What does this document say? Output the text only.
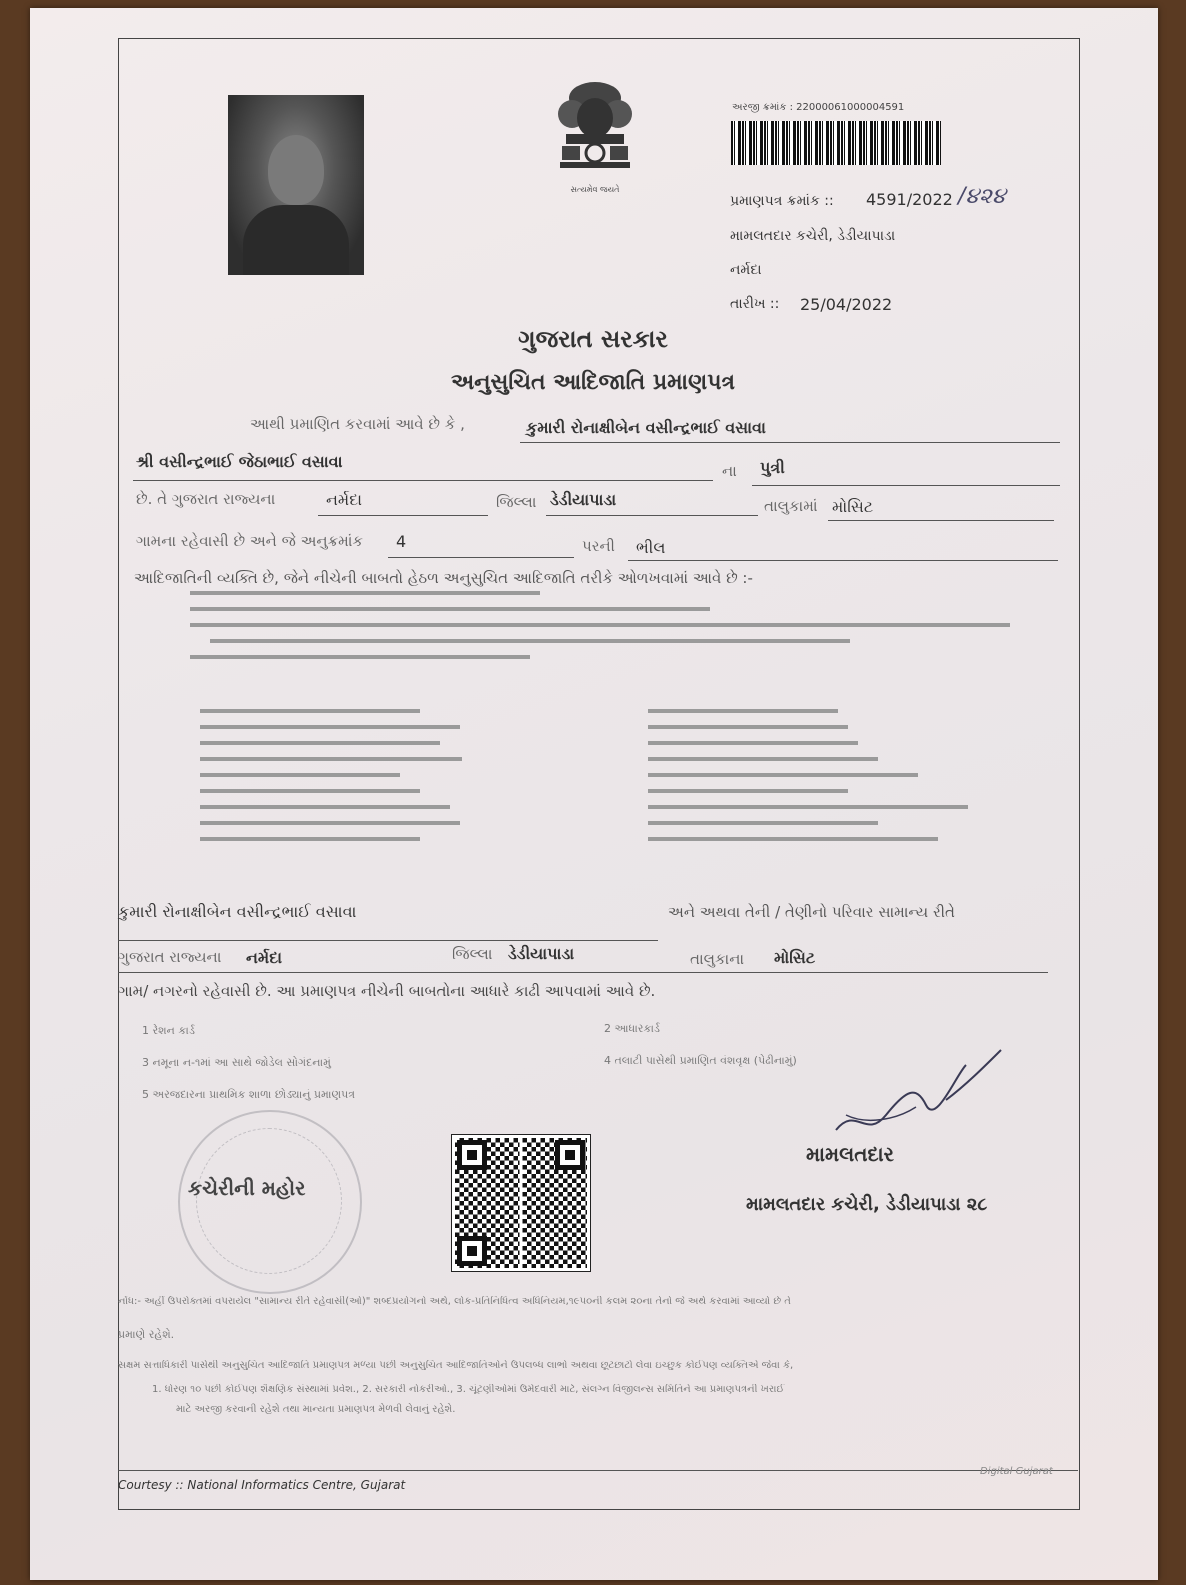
સત્યમેવ જયતે
અરજી ક્રમાંક : 22000061000004591
પ્રમાણપત્ર ક્રમાંક :: 4591/2022 /૪૨૪
મામલતદાર કચેરી, ડેડીયાપાડા
નર્મદા
તારીખ :: 25/04/2022
ગુજરાત સરકાર
અનુસુચિત આદિજાતિ પ્રમાણપત્ર
આથી પ્રમાણિત કરવામાં આવે છે કે ,	કુમારી રોનાક્ષીબેન વસીન્દ્રભાઈ વસાવા
શ્રી વસીન્દ્રભાઈ જેઠાભાઈ વસાવા	ના પુત્રી
છે. તે ગુજરાત રાજ્યના	નર્મદા	જિલ્લા ડેડીયાપાડા	તાલુકામાં મોસિટ
ગામના રહેવાસી છે અને જે અનુક્રમાંક 4	પરની ભીલ
આદિજાતિની વ્યક્તિ છે, જેને નીચેની બાબતો હેઠળ અનુસુચિત આદિજાતિ તરીકે ઓળખવામાં આવે છે :-
કુમારી રોનાક્ષીબેન વસીન્દ્રભાઈ વસાવા	અને અથવા તેની / તેણીનો પરિવાર સામાન્ય રીતે
ગુજરાત રાજ્યના નર્મદા	જિલ્લા ડેડીયાપાડા	તાલુકાના મોસિટ
ગામ/ નગરનો રહેવાસી છે. આ પ્રમાણપત્ર નીચેની બાબતોના આધારે કાઢી આપવામાં આવે છે.
1 રેશન કાર્ડ	2 આધારકાર્ડ
3 નમૂના ન-૧માં આ સાથે જોડેલ સોગંદનામું	4 તલાટી પાસેથી પ્રમાણિત વંશવૃક્ષ (પેઢીનામું)
5 અરજદારના પ્રાથમિક શાળા છોડ્યાનું પ્રમાણપત્ર
કચેરીની મહોર
મામલતદાર
મામલતદાર કચેરી, ડેડીયાપાડા ૨૮
નોંધ:- અહીં ઉપરોક્તમાં વપરાયેલ "સામાન્ય રીતે રહેવાસી(ઓ)" શબ્દપ્રયોગનો અર્થ, લોક-પ્રતિનિધિત્વ અધિનિયમ,૧૯૫૦ની કલમ ૨૦ના તેનો જે અર્થ કરવામાં આવ્યો છે તે
પ્રમાણે રહેશે.
સક્ષમ સત્તાધિકારી પાસેથી અનુસુચિત આદિજાતિ પ્રમાણપત્ર મળ્યા પછી અનુસુચિત આદિજાતિઓને ઉપલબ્ધ લાભો અથવા છૂટછાટો લેવા ઇચ્છુક કોઈપણ વ્યક્તિએ જેવા કે,
1. ધોરણ ૧૦ પછી કોઈપણ શૈક્ષણિક સંસ્થામાં પ્રવેશ., 2. સરકારી નોકરીઓ., 3. ચૂંટણીઓમાં ઉમેદવારી માટે, સંલગ્ન વિજીલન્સ સમિતિને આ પ્રમાણપત્રની ખરાઈ
માટે અરજી કરવાની રહેશે તથા માન્યતા પ્રમાણપત્ર મેળવી લેવાનું રહેશે.
Courtesy :: National Informatics Centre, Gujarat
Digital Gujarat
